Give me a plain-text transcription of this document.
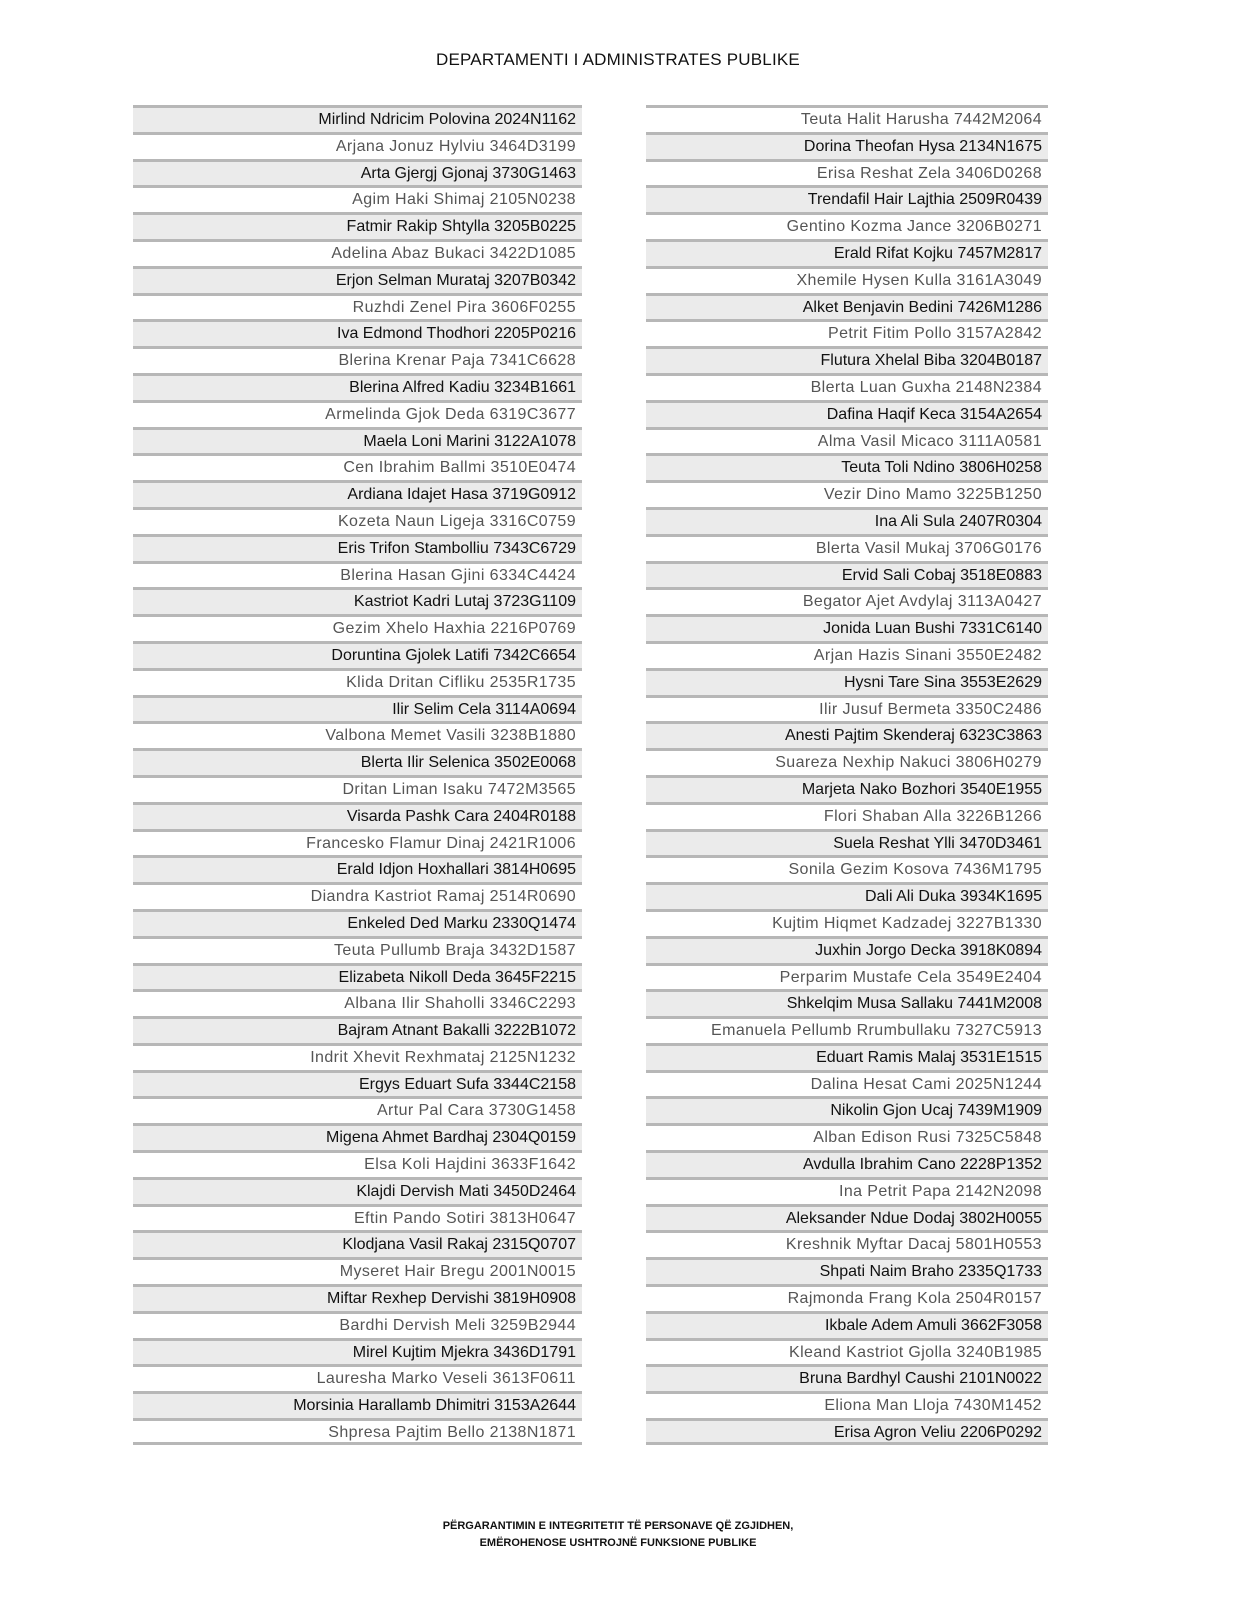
DEPARTAMENTI I ADMINISTRATES PUBLIKE
Mirlind Ndricim Polovina 2024N1162
Arjana Jonuz Hylviu 3464D3199
Arta Gjergj Gjonaj 3730G1463
Agim Haki Shimaj 2105N0238
Fatmir Rakip Shtylla 3205B0225
Adelina Abaz Bukaci 3422D1085
Erjon Selman Murataj 3207B0342
Ruzhdi Zenel Pira 3606F0255
Iva Edmond Thodhori 2205P0216
Blerina Krenar Paja 7341C6628
Blerina Alfred Kadiu 3234B1661
Armelinda Gjok Deda 6319C3677
Maela Loni Marini 3122A1078
Cen Ibrahim Ballmi 3510E0474
Ardiana Idajet Hasa 3719G0912
Kozeta Naun Ligeja 3316C0759
Eris Trifon Stambolliu 7343C6729
Blerina Hasan Gjini 6334C4424
Kastriot Kadri Lutaj 3723G1109
Gezim Xhelo Haxhia 2216P0769
Doruntina Gjolek Latifi 7342C6654
Klida Dritan Cifliku 2535R1735
Ilir Selim Cela 3114A0694
Valbona Memet Vasili 3238B1880
Blerta Ilir Selenica 3502E0068
Dritan Liman Isaku 7472M3565
Visarda Pashk Cara 2404R0188
Francesko Flamur Dinaj 2421R1006
Erald Idjon Hoxhallari 3814H0695
Diandra Kastriot Ramaj 2514R0690
Enkeled Ded Marku 2330Q1474
Teuta Pullumb Braja 3432D1587
Elizabeta Nikoll Deda 3645F2215
Albana Ilir Shaholli 3346C2293
Bajram Atnant Bakalli 3222B1072
Indrit Xhevit Rexhmataj 2125N1232
Ergys Eduart Sufa 3344C2158
Artur Pal Cara 3730G1458
Migena Ahmet Bardhaj 2304Q0159
Elsa Koli Hajdini 3633F1642
Klajdi Dervish Mati 3450D2464
Eftin Pando Sotiri 3813H0647
Klodjana Vasil Rakaj 2315Q0707
Myseret Hair Bregu 2001N0015
Miftar Rexhep Dervishi 3819H0908
Bardhi Dervish Meli 3259B2944
Mirel Kujtim Mjekra 3436D1791
Lauresha Marko Veseli 3613F0611
Morsinia Harallamb Dhimitri 3153A2644
Shpresa Pajtim Bello 2138N1871
Teuta Halit Harusha 7442M2064
Dorina Theofan Hysa 2134N1675
Erisa Reshat Zela 3406D0268
Trendafil Hair Lajthia 2509R0439
Gentino Kozma Jance 3206B0271
Erald Rifat Kojku 7457M2817
Xhemile Hysen Kulla 3161A3049
Alket Benjavin Bedini 7426M1286
Petrit Fitim Pollo 3157A2842
Flutura Xhelal Biba 3204B0187
Blerta Luan Guxha 2148N2384
Dafina Haqif Keca 3154A2654
Alma Vasil Micaco 3111A0581
Teuta Toli Ndino 3806H0258
Vezir Dino Mamo 3225B1250
Ina Ali Sula 2407R0304
Blerta Vasil Mukaj 3706G0176
Ervid Sali Cobaj 3518E0883
Begator Ajet Avdylaj 3113A0427
Jonida Luan Bushi 7331C6140
Arjan Hazis Sinani 3550E2482
Hysni Tare Sina 3553E2629
Ilir Jusuf Bermeta 3350C2486
Anesti Pajtim Skenderaj 6323C3863
Suareza Nexhip Nakuci 3806H0279
Marjeta Nako Bozhori 3540E1955
Flori Shaban Alla 3226B1266
Suela Reshat Ylli 3470D3461
Sonila Gezim Kosova 7436M1795
Dali Ali Duka 3934K1695
Kujtim Hiqmet Kadzadej 3227B1330
Juxhin Jorgo Decka 3918K0894
Perparim Mustafe Cela 3549E2404
Shkelqim Musa Sallaku 7441M2008
Emanuela Pellumb Rrumbullaku 7327C5913
Eduart Ramis Malaj 3531E1515
Dalina Hesat Cami 2025N1244
Nikolin Gjon Ucaj 7439M1909
Alban Edison Rusi 7325C5848
Avdulla Ibrahim Cano 2228P1352
Ina Petrit Papa 2142N2098
Aleksander Ndue Dodaj 3802H0055
Kreshnik Myftar Dacaj 5801H0553
Shpati Naim Braho 2335Q1733
Rajmonda Frang Kola 2504R0157
Ikbale Adem Amuli 3662F3058
Kleand Kastriot Gjolla 3240B1985
Bruna Bardhyl Caushi 2101N0022
Eliona Man Lloja 7430M1452
Erisa Agron Veliu 2206P0292
PËRGARANTIMIN E INTEGRITETIT TË PERSONAVE QË ZGJIDHEN,
EMËROHENOSE USHTROJNË FUNKSIONE PUBLIKE
